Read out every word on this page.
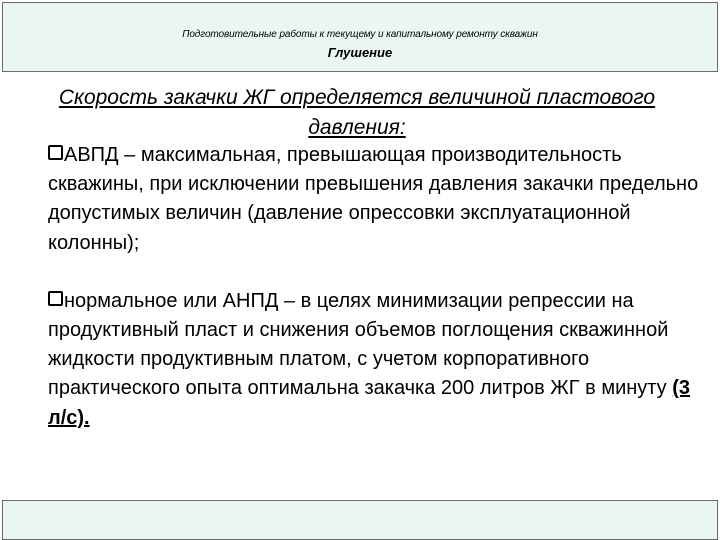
Подготовительные работы к текущему и капитальному ремонту скважин
Глушение
Скорость закачки ЖГ определяется величиной пластового давления:

АВПД – максимальная, превышающая производительность скважины, при исключении превышения давления закачки предельно допустимых величин (давление опрессовки эксплуатационной колонны);

нормальное или АНПД – в целях минимизации репрессии на продуктивный пласт и снижения объемов поглощения скважинной жидкости продуктивным платом, с учетом корпоративного практического опыта оптимальна закачка 200 литров ЖГ в минуту (3 л/с).
